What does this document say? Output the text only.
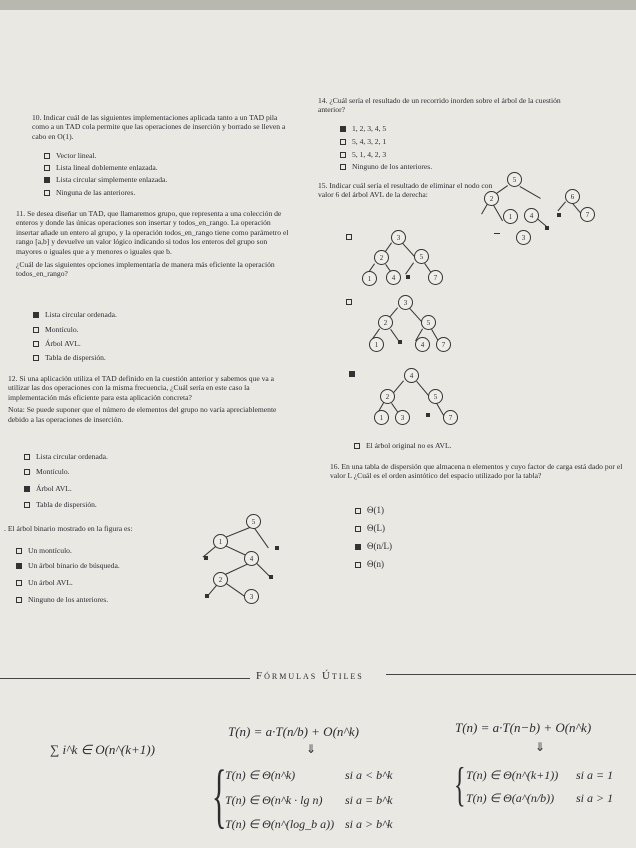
10. Indicar cuál de las siguientes implementaciones aplicada tanto a un TAD pila como a un TAD cola permite que las operaciones de inserción y borrado se lleven a cabo en O(1).

Vector lineal.
Lista lineal doblemente enlazada.
Lista circular simplemente enlazada.
Ninguna de las anteriores.

11. Se desea diseñar un TAD, que llamaremos grupo, que representa a una colección de enteros y donde las únicas operaciones son insertar y todos_en_rango. La operación insertar añade un entero al grupo, y la operación todos_en_rango tiene como parámetro el rango [a,b] y devuelve un valor lógico indicando si todos los enteros del grupo son mayores o iguales que a y menores o iguales que b.

¿Cuál de las siguientes opciones implementaría de manera más eficiente la operación todos_en_rango?

Lista circular ordenada.
Montículo.
Árbol AVL.
Tabla de dispersión.

12. Si una aplicación utiliza el TAD definido en la cuestión anterior y sabemos que va a utilizar las dos operaciones con la misma frecuencia, ¿Cuál sería en este caso la implementación más eficiente para esta aplicación concreta?

Nota: Se puede suponer que el número de elementos del grupo no varía apreciablemente debido a las operaciones de inserción.

Lista circular ordenada.
Montículo.
Árbol AVL.
Tabla de dispersión.

. El árbol binario mostrado en la figura es:

Un montículo.
Un árbol binario de búsqueda.
Un árbol AVL.
Ninguno de los anteriores.
5
1
4
2
3

14. ¿Cuál sería el resultado de un recorrido inorden sobre el árbol de la cuestión anterior?

1, 2, 3, 4, 5
5, 4, 3, 2, 1
5, 1, 4, 2, 3
Ninguno de los anteriores.

15. Indicar cuál sería el resultado de eliminar el nodo con valor 6 del árbol AVL de la derecha:

5
2	6
1	4	7
3
3
2	5
1	4	7
3
2	5
1	4	7
4
2	5
1	3	7
El árbol original no es AVL.

16. En una tabla de dispersión que almacena n elementos y cuyo factor de carga está dado por el valor L ¿Cuál es el orden asintótico del espacio utilizado por la tabla?

Θ(1)
Θ(L)
Θ(n/L)
Θ(n)
Fórmulas Útiles
∑ i^k ∈ O(n^(k+1))
T(n) = a·T(n/b) + O(n^k)	T(n) = a·T(n−b) + O(n^k)
⇓	⇓
{
T(n) ∈ Θ(n^k)	si a < b^k
T(n) ∈ Θ(n^k · lg n) si a = b^k
T(n) ∈ Θ(n^(log_b a)) si a > b^k
{ T(n) ∈ Θ(n^(k+1)) si a = 1
T(n) ∈ Θ(a^(n/b)) si a > 1
